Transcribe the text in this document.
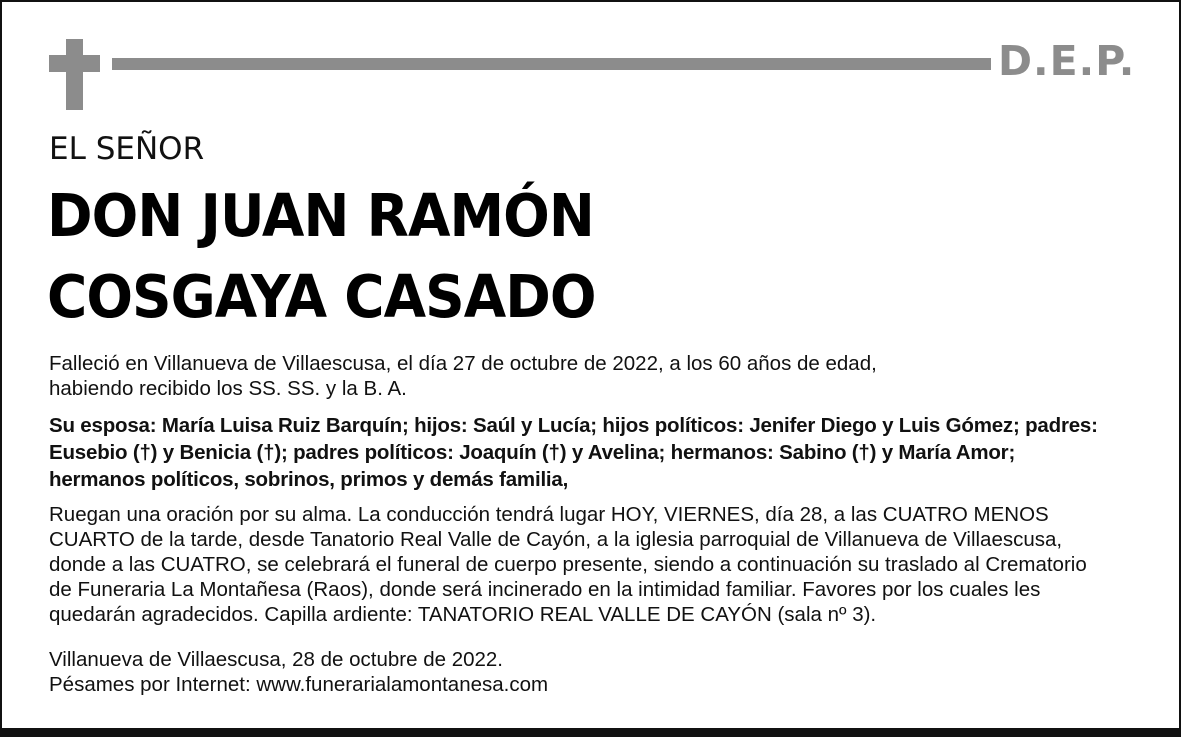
D.E.P.
EL SEÑOR
DON JUAN RAMÓN
COSGAYA CASADO
Falleció en Villanueva de Villaescusa, el día 27 de octubre de 2022, a los 60 años de edad,
habiendo recibido los SS. SS. y la B. A.
Su esposa: María Luisa Ruiz Barquín; hijos: Saúl y Lucía; hijos políticos: Jenifer Diego y Luis Gómez; padres:
Eusebio (†) y Benicia (†); padres políticos: Joaquín (†) y Avelina; hermanos: Sabino (†) y María Amor;
hermanos políticos, sobrinos, primos y demás familia,
Ruegan una oración por su alma. La conducción tendrá lugar HOY, VIERNES, día 28, a las CUATRO MENOS
CUARTO de la tarde, desde Tanatorio Real Valle de Cayón, a la iglesia parroquial de Villanueva de Villaescusa,
donde a las CUATRO, se celebrará el funeral de cuerpo presente, siendo a continuación su traslado al Crematorio
de Funeraria La Montañesa (Raos), donde será incinerado en la intimidad familiar. Favores por los cuales les
quedarán agradecidos. Capilla ardiente: TANATORIO REAL VALLE DE CAYÓN (sala nº 3).
Villanueva de Villaescusa, 28 de octubre de 2022.
Pésames por Internet: www.funerarialamontanesa.com
